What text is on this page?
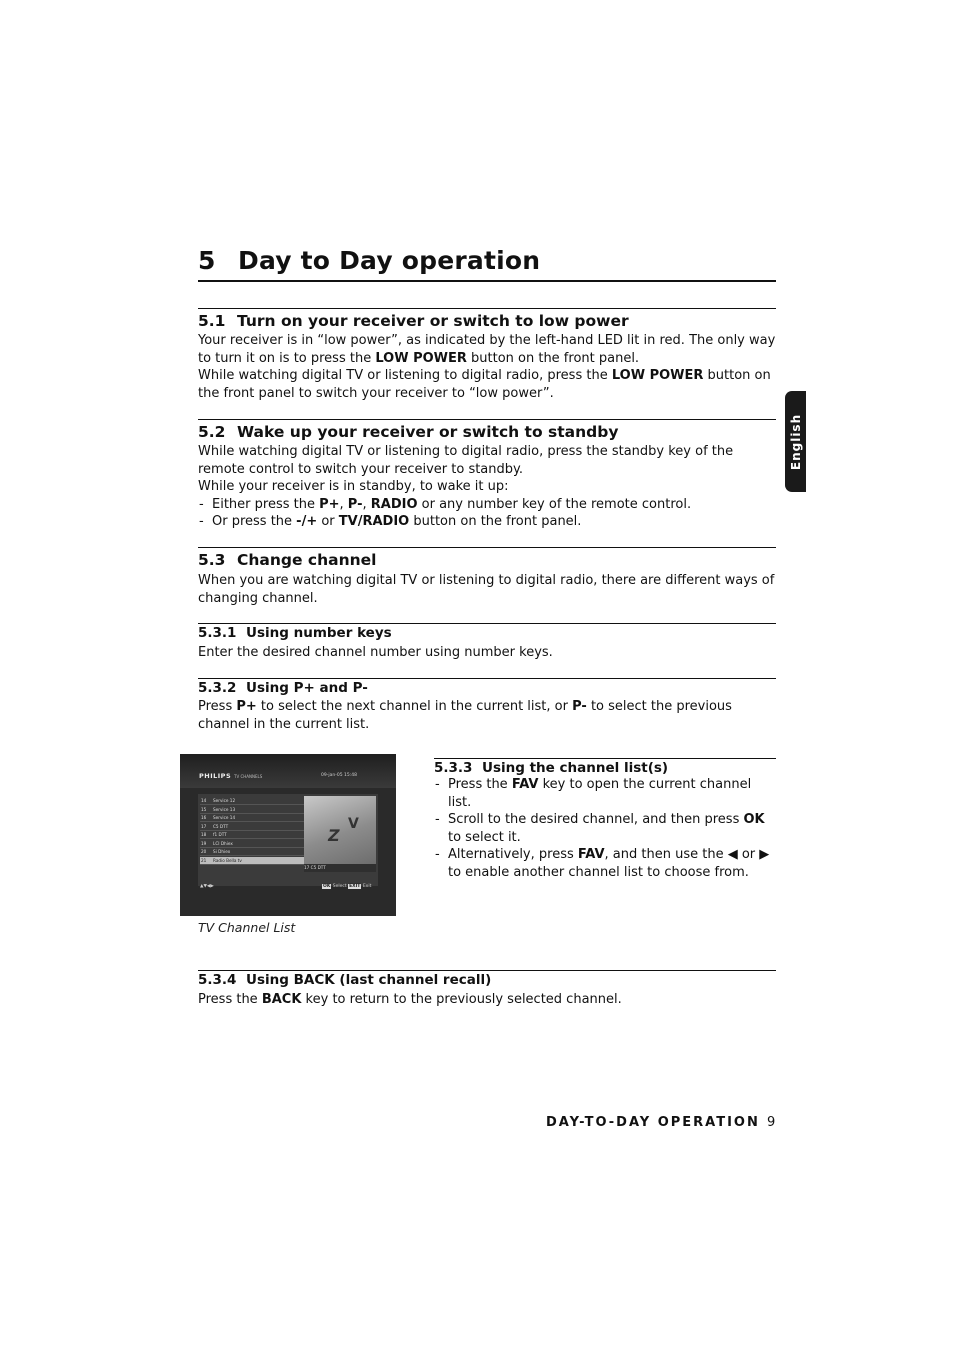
5 Day to Day operation
5.1 Turn on your receiver or switch to low power

Your receiver is in “low power”, as indicated by the left-hand LED lit in red. The only way to turn it on is to press the LOW POWER button on the front panel.

While watching digital TV or listening to digital radio, press the LOW POWER button on the front panel to switch your receiver to “low power”.

5.2 Wake up your receiver or switch to standby

While watching digital TV or listening to digital radio, press the standby key of the remote control to switch your receiver to standby.

While your receiver is in standby, to wake it up:

- Either press the P+, P-, RADIO or any number key of the remote control.
- Or press the -/+ or TV/RADIO button on the front panel.
English
5.3 Change channel

When you are watching digital TV or listening to digital radio, there are different ways of changing channel.

5.3.1 Using number keys

Enter the desired channel number using number keys.

5.3.2 Using P+ and P-

Press P+ to select the next channel in the current list, or P- to select the previous channel in the current list.

PHILIPS TV CHANNELS	09-jan-05 15:48
14 Service 12
15 Service 13
16 Service 14
17 C5 DTT
18 f1 DTT
19 LCI Dhiex
20 Si Dhiex
21 Radio Bella tv
Z
V
17 C5 DTT
▲▼◀▶	OK Select EXIT Exit
TV Channel List
5.3.3 Using the channel list(s)
- Press the FAV key to open the current channel list.
- Scroll to the desired channel, and then press OK to select it.
- Alternatively, press FAV, and then use the ◀ or ▶ to enable another channel list to choose from.
5.3.4 Using BACK (last channel recall)

Press the BACK key to return to the previously selected channel.

DAY-TO-DAY OPERATION 9
